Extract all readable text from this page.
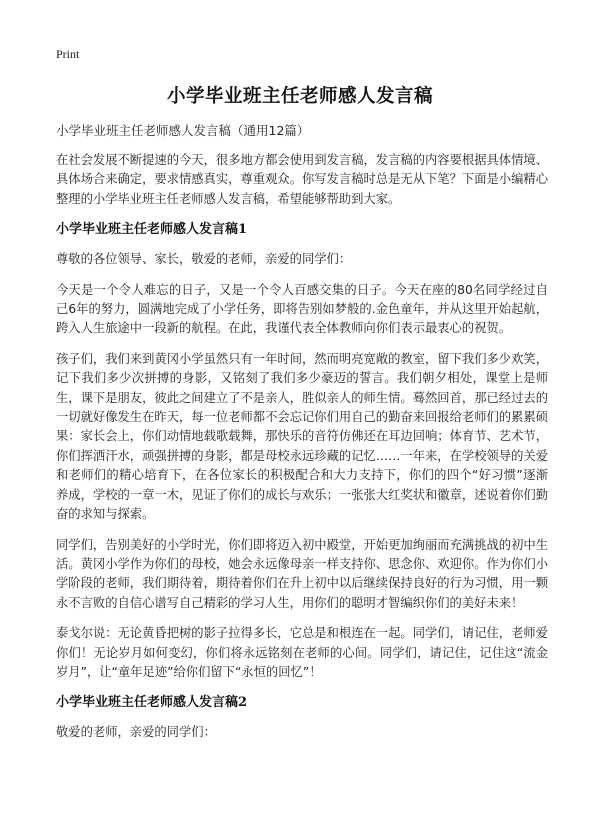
Print
小学毕业班主任老师感人发言稿
小学毕业班主任老师感人发言稿（通用12篇）

在社会发展不断提速的今天，很多地方都会使用到发言稿，发言稿的内容要根据具体情境、具体场合来确定，要求情感真实，尊重观众。你写发言稿时总是无从下笔？下面是小编精心整理的小学毕业班主任老师感人发言稿，希望能够帮助到大家。

小学毕业班主任老师感人发言稿1

尊敬的各位领导、家长，敬爱的老师，亲爱的同学们：

今天是一个令人难忘的日子，又是一个令人百感交集的日子。今天在座的80名同学经过自己6年的努力，圆满地完成了小学任务，即将告别如梦般的.金色童年，并从这里开始起航，跨入人生旅途中一段新的航程。在此，我谨代表全体教师向你们表示最衷心的祝贺。

孩子们，我们来到黄冈小学虽然只有一年时间，然而明亮宽敞的教室，留下我们多少欢笑，记下我们多少次拼搏的身影，又铭刻了我们多少豪迈的誓言。我们朝夕相处，课堂上是师生，课下是朋友，彼此之间建立了不是亲人，胜似亲人的师生情。蓦然回首，那已经过去的一切就好像发生在昨天，每一位老师都不会忘记你们用自己的勤奋来回报给老师们的累累硕果：家长会上，你们动情地载歌载舞，那快乐的音符仿佛还在耳边回响；体育节、艺术节，你们挥洒汗水，顽强拼搏的身影，都是母校永远珍藏的记忆……一年来，在学校领导的关爱和老师们的精心培育下，在各位家长的积极配合和大力支持下，你们的四个“好习惯”逐渐养成，学校的一章一木，见证了你们的成长与欢乐；一张张大红奖状和徽章，述说着你们勤奋的求知与探索。

同学们，告别美好的小学时光，你们即将迈入初中殿堂，开始更加绚丽而充满挑战的初中生活。黄冈小学作为你们的母校，她会永远像母亲一样支持你、思念你、欢迎你。作为你们小学阶段的老师，我们期待着，期待着你们在升上初中以后继续保持良好的行为习惯，用一颗永不言败的自信心谱写自己精彩的学习人生，用你们的聪明才智编织你们的美好未来！

泰戈尔说：无论黄昏把树的影子拉得多长，它总是和根连在一起。同学们，请记住，老师爱你们！无论岁月如何变幻，你们将永远铭刻在老师的心间。同学们，请记住，记住这“流金岁月”，让“童年足迹”给你们留下“永恒的回忆”！

小学毕业班主任老师感人发言稿2

敬爱的老师，亲爱的同学们：
